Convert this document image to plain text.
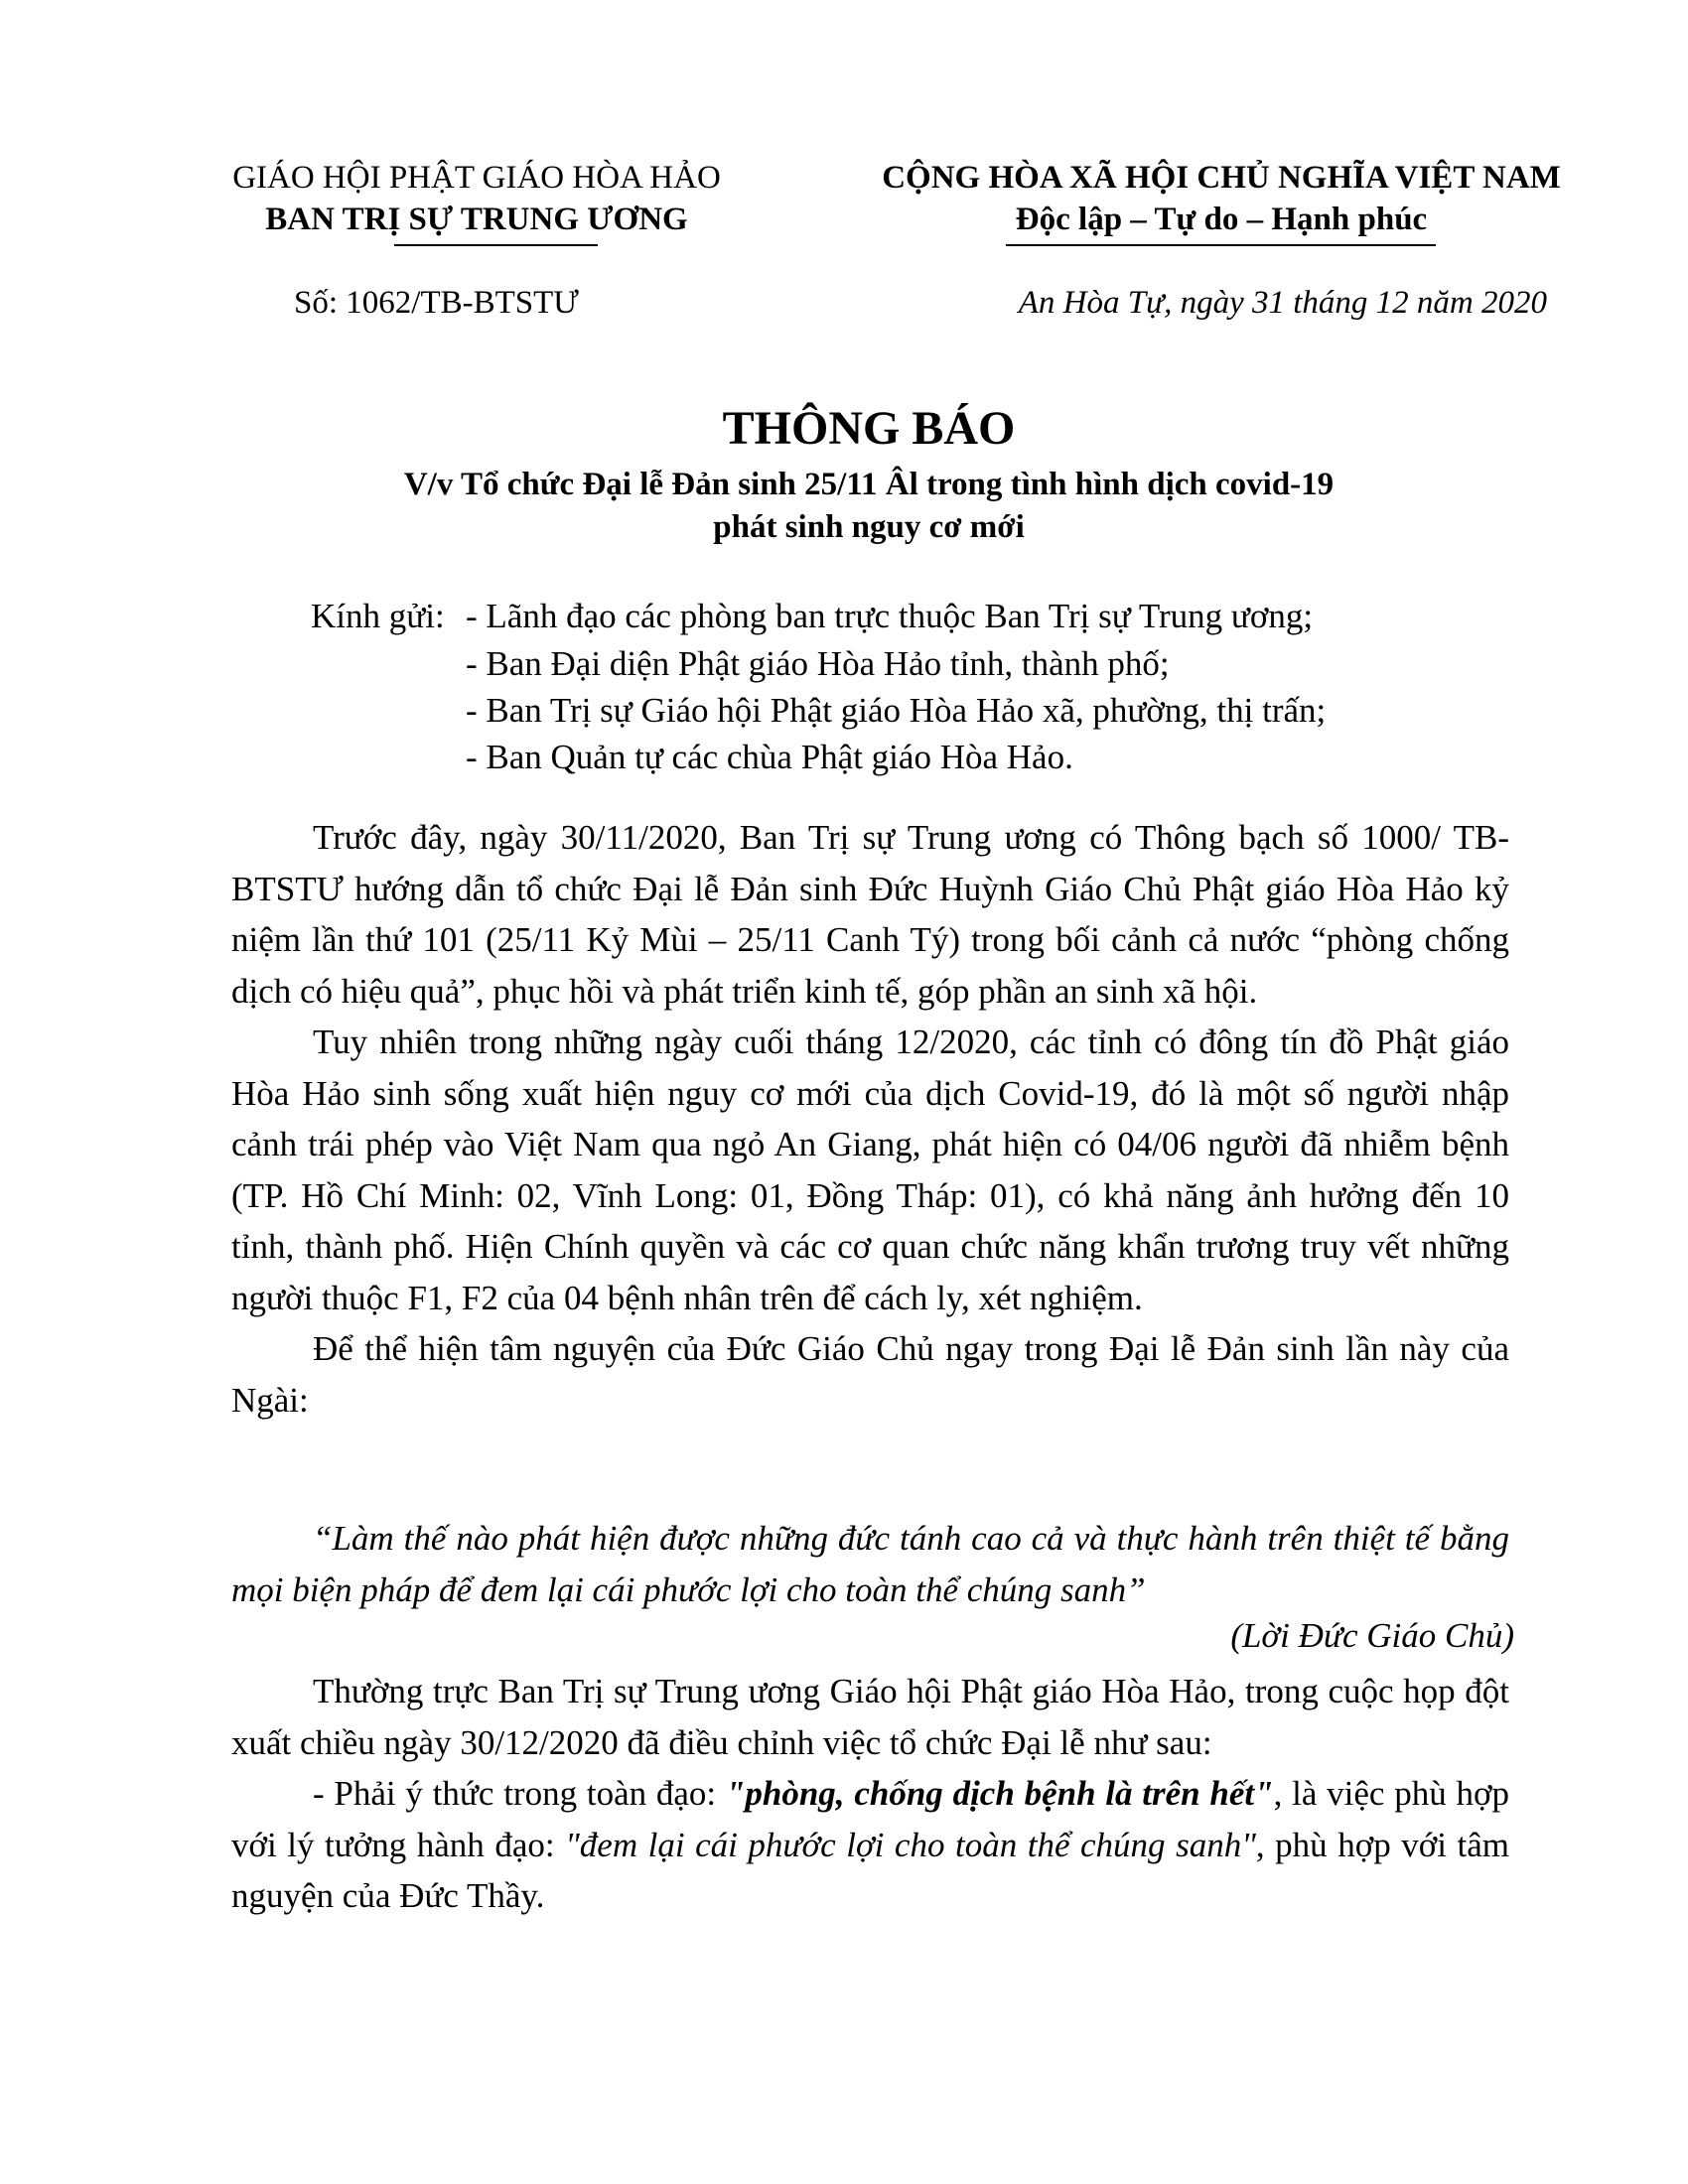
GIÁO HỘI PHẬT GIÁO HÒA HẢO
BAN TRỊ SỰ TRUNG ƯƠNG
CỘNG HÒA XÃ HỘI CHỦ NGHĨA VIỆT NAM
Độc lập – Tự do – Hạnh phúc
Số: 1062/TB-BTSTƯ	An Hòa Tự, ngày 31 tháng 12 năm 2020
THÔNG BÁO
V/v Tổ chức Đại lễ Đản sinh 25/11 Âl trong tình hình dịch covid-19
phát sinh nguy cơ mới
Kính gửi: - Lãnh đạo các phòng ban trực thuộc Ban Trị sự Trung ương;
- Ban Đại diện Phật giáo Hòa Hảo tỉnh, thành phố;
- Ban Trị sự Giáo hội Phật giáo Hòa Hảo xã, phường, thị trấn;
- Ban Quản tự các chùa Phật giáo Hòa Hảo.

Trước đây, ngày 30/11/2020, Ban Trị sự Trung ương có Thông bạch số 1000/ TB-BTSTƯ hướng dẫn tổ chức Đại lễ Đản sinh Đức Huỳnh Giáo Chủ Phật giáo Hòa Hảo kỷ niệm lần thứ 101 (25/11 Kỷ Mùi – 25/11 Canh Tý) trong bối cảnh cả nước “phòng chống dịch có hiệu quả”, phục hồi và phát triển kinh tế, góp phần an sinh xã hội.

Tuy nhiên trong những ngày cuối tháng 12/2020, các tỉnh có đông tín đồ Phật giáo Hòa Hảo sinh sống xuất hiện nguy cơ mới của dịch Covid-19, đó là một số người nhập cảnh trái phép vào Việt Nam qua ngỏ An Giang, phát hiện có 04/06 người đã nhiễm bệnh (TP. Hồ Chí Minh: 02, Vĩnh Long: 01, Đồng Tháp: 01), có khả năng ảnh hưởng đến 10 tỉnh, thành phố. Hiện Chính quyền và các cơ quan chức năng khẩn trương truy vết những người thuộc F1, F2 của 04 bệnh nhân trên để cách ly, xét nghiệm.

Để thể hiện tâm nguyện của Đức Giáo Chủ ngay trong Đại lễ Đản sinh lần này của Ngài:

“Làm thế nào phát hiện được những đức tánh cao cả và thực hành trên thiệt tế bằng mọi biện pháp để đem lại cái phước lợi cho toàn thể chúng sanh”

(Lời Đức Giáo Chủ)

Thường trực Ban Trị sự Trung ương Giáo hội Phật giáo Hòa Hảo, trong cuộc họp đột xuất chiều ngày 30/12/2020 đã điều chỉnh việc tổ chức Đại lễ như sau:

- Phải ý thức trong toàn đạo: "phòng, chống dịch bệnh là trên hết", là việc phù hợp với lý tưởng hành đạo: "đem lại cái phước lợi cho toàn thể chúng sanh", phù hợp với tâm nguyện của Đức Thầy.
